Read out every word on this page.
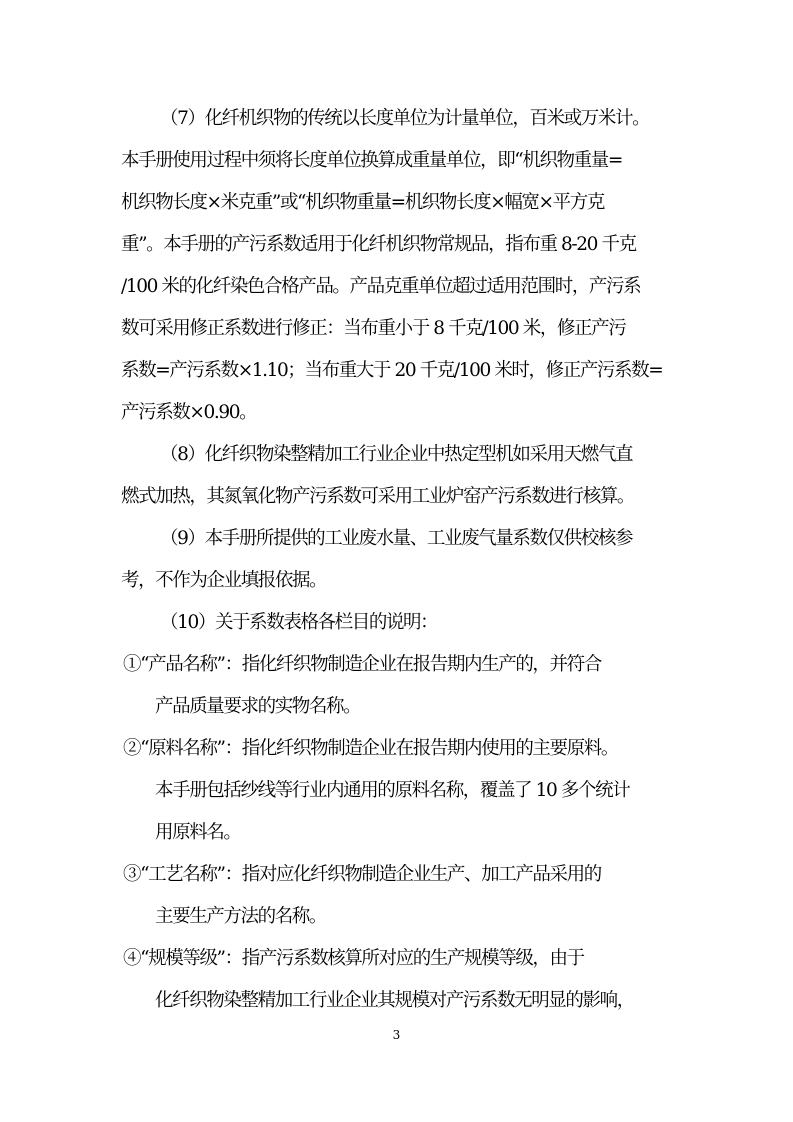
（7）化纤机织物的传统以长度单位为计量单位，百米或万米计。
本手册使用过程中须将长度单位换算成重量单位，即“机织物重量=
机织物长度×米克重”或“机织物重量=机织物长度×幅宽×平方克
重”。本手册的产污系数适用于化纤机织物常规品，指布重 8-20 千克
/100 米的化纤染色合格产品。产品克重单位超过适用范围时，产污系
数可采用修正系数进行修正：当布重小于 8 千克/100 米，修正产污
系数=产污系数×1.10；当布重大于 20 千克/100 米时，修正产污系数=
产污系数×0.90。
（8）化纤织物染整精加工行业企业中热定型机如采用天燃气直
燃式加热，其氮氧化物产污系数可采用工业炉窑产污系数进行核算。
（9）本手册所提供的工业废水量、工业废气量系数仅供校核参
考，不作为企业填报依据。
（10）关于系数表格各栏目的说明：
①“产品名称”：指化纤织物制造企业在报告期内生产的，并符合
产品质量要求的实物名称。
②“原料名称”：指化纤织物制造企业在报告期内使用的主要原料。
本手册包括纱线等行业内通用的原料名称，覆盖了 10 多个统计
用原料名。
③“工艺名称”：指对应化纤织物制造企业生产、加工产品采用的
主要生产方法的名称。
④“规模等级”：指产污系数核算所对应的生产规模等级，由于
化纤织物染整精加工行业企业其规模对产污系数无明显的影响，
3
